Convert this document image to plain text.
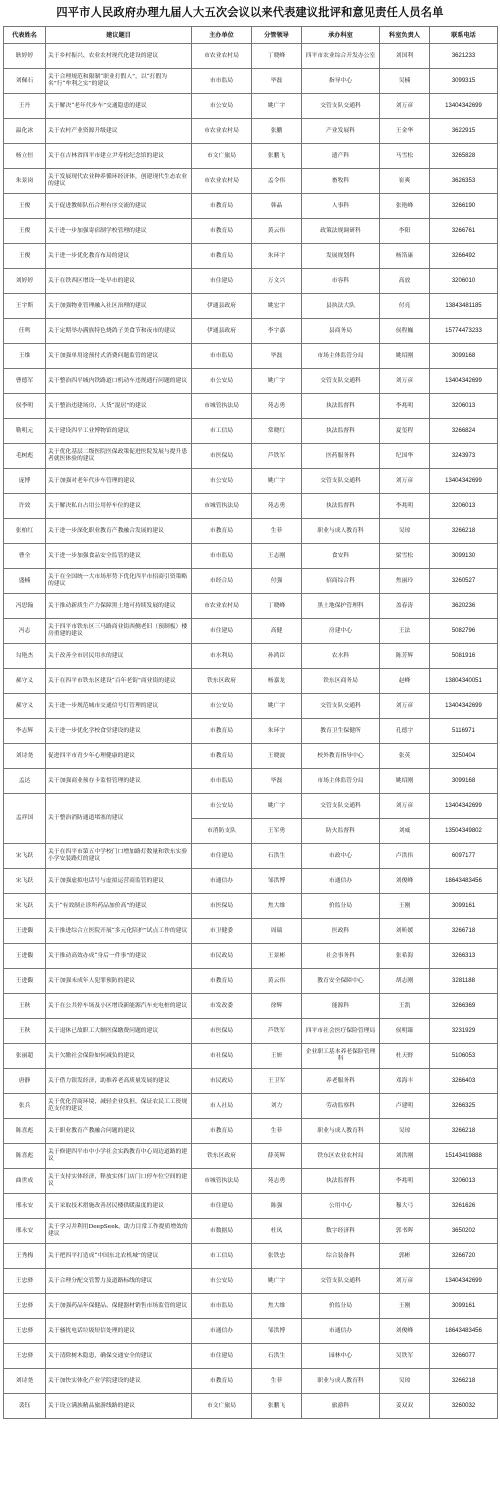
四平市人民政府办理九届人大五次会议以来代表建议批评和意见责任人员名单
代表姓名	建议题目	主办单位	分管领导	承办科室	科室负责人	联系电话
耿婷婷	关于乡村振兴、农业农村现代化建设的建议	市农业农村局	丁晓峰	四平市农业综合开发办公室	刘国利	3621233
刘佩石	关于合理规范和限制“职业打假人”，以“打假为名”行“牟利之实”的建议	市市监局	毕磊	指导中心	吴楠	3099315
王丹	关于解决“老年代步车”交通隐患的建议	市公安局	姚广宇	交管支队交通科	刘万彦	13404342699
温化冰	关于农村产业资源升级建议	市农业农村局	张鹏	产业发展科	王金华	3622915
杨立恒	关于在吉林省四平市建立尹寿松纪念馆的建议	市文广旅局	张鹏飞	遗产科	马雪松	3265828
朱景岗	关于发展现代农业种养循环经济体，创建现代生态农业的建议	市农业农村局	孟令伟	畜牧科	崔爽	3626353
王俊	关于促进教师队伍合理有序交流的建议	市教育局	韩晶	人事科	张艳峰	3266190
王俊	关于进一步加强寄宿制学校管理的建议	市教育局	黄云伟	政策法规调研科	李阳	3266761
王俊	关于进一步优化教育布局的建议	市教育局	朱环宇	发展规划科	杨箔康	3266492
刘婷婷	关于在铁西区增设一处早市的建议	市住建局	万文兴	市容科	高放	3206010
王宇斯	关于加强物业管理融入社区治理的建议	伊通县政府	姚宏宇	县执法大队	付亮	13843481185
任鸣	关于定期举办满族特色烧鸽子美食节和夜市的建议	伊通县政府	李宇嘉	县商务局	侯程巍	15774473233
王维	关于加强单用途预付式消费问题监管的建议	市市监局	毕磊	市场主体监管分局	姚绍刚	3099168
曹德军	关于整治四平城内铁路道口机动车违规通行问题的建议	市公安局	姚广宇	交管支队交通科	刘万彦	13404342699
侯李明	关于整治违建场房、人货“混居”的建议	市城管执法局	苑志勇	执法监督科	李兆明	3206013
勒明元	关于建设四平工业博物馆的建议	市工信局	常晓红	执法监督科	夏玺程	3266824
毛树彪	关于优化基层二级医院医保政策促进医院发展与提升患者就医体验的建议	市医保局	芦铁军	医药服务科	纪国华	3243973
庞博	关于加强对老年代步车管理的建议	市公安局	姚广宇	交管支队交通科	刘万彦	13404342699
许效	关于解决私自占用公用停车位的建议	市城管执法局	苑志勇	执法监督科	李兆明	3206013
张柏红	关于进一步深化职业教育产教融合发展的建议	市教育局	生菲	职业与成人教育科	吴琼	3266218
曹全	关于进一步加强食品安全监管的建议	市市监局	王志刚	食安科	梁雪松	3099130
盛楠	关于在全国统一大市场形势下优化四平市招商引资策略的建议	市经合局	付强	招商综合科	焦丽玲	3260527
冯思翰	关于推动新质生产力保障黑土地可持续发展的建议	市农业农村局	丁晓峰	黑土地保护管理科	盖春涛	3620236
冯志	关于四平市铁东区三马路商业街西侧老旧（预制板）楼房重建的建议	市住建局	高健	房建中心	王法	5082796
勾艳杰	关于改善全市居民用水的建议	市水利局	孙鸿臣	农水科	陈芳辉	5081916
郝守义	关于在四平市铁东区建设“百年老街”商业街的建议	铁东区政府	杨嘉龙	铁东区商务局	赵峰	13804340051
郝守义	关于进一步规范城市交通信号灯管理的建议	市公安局	姚广宇	交管支队交通科	刘万彦	13404342699
李志辉	关于进一步优化学校食堂建设的建议	市教育局	朱环宇	教育卫生保健所	孔德宇	5116971
刘诗尧	促进四平市青少年心理健康的建议	市教育局	王晓波	校外教育指导中心	张英	3250404
孟达	关于加强商业预存卡监督管理的建议	市市监局	毕磊	市场主体监管分局	姚绍刚	3099168
孟祥国	关于整治消防通道堵塞的建议	市公安局	姚广宇	交管支队交通科	刘万彦	13404342699
		市消防支队	王军勇	防火监督科	刘威	13504349802
宋飞跃	关于在四平市第五中学校门口增加路灯数量和铁东实验小学安装路灯的建议	市住建局	石洪生	市政中心	卢洪伟	6097177
宋飞跃	关于加强虚拟电话号与虚拟运营商监管的建议	市通信办	邹洪博	市通信办	刘俊峰	18643483456
宋飞跃	关于“有效制止诊所药品加价高”的建议	市医保局	焦大维	价监分局	王刚	3099161
王进馥	关于推进综合立医院开展“多元化陪护”试点工作的建议	市卫健委	周瑞	医政科	刘昕媛	3266718
王进馥	关于推动高效办成“身后一件事”的建议	市民政局	王景彬	社会事务科	张希海	3266313
王进馥	关于加强未成年人犯罪预防的建议	市教育局	黄云伟	教育安全保障中心	胡志刚	3281188
王秋	关于在公共停车场及小区增设新能源汽车充电桩的建议	市发改委	徐辉	能源科	王凯	3266369
王秋	关于退休已故职工大额医保缴费问题的建议	市医保局	芦铁军	四平市社会医疗保险管理局	侯明臻	3231929
张丽超	关于欠缴社会保险如何减负的建议	市社保局	王妍	企业职工基本养老保险管理科	杜天野	5106053
唐静	关于借力银发经济，助推养老高质量发展的建议	市民政局	王卫军	养老服务科	邓海丰	3266403
张兵	关于优化营商环境，减轻企业负担，保证农民工工资规范支付的建议	市人社局	刘力	劳动监察科	卢建明	3266325
陈喜彪	关于职业教育产教融合问题的建议	市教育局	生菲	职业与成人教育科	吴琼	3266218
陈喜彪	关于修建四平市中小学社会实践教育中心周边道路的建议	铁东区政府	薛英辉	铁东区农业农村局	刘洪刚	15143419888
曲世成	关于支持实体经济，释放实体门店门口停车位空间的建议	市城管执法局	苑志勇	执法监督科	李兆明	3206013
邢永安	关于采取技术措施改善居民楼供暖温度的建议	市住建局	陈强	公用中心	穆大弓	3261626
邢永安	关于学习并利用DeepSeek，助力目常工作提质增效的建议	市数据局	杜凤	数字经济科	郭书晖	3650202
王秀梅	关于把四平打造成“中国东北农机城”的建议	市工信局	张铁忠	综合装备科	郭彬	3266720
王忠驿	关于合理分配交管警力及道路标线的建议	市公安局	姚广宇	交管支队交通科	刘万彦	13404342699
王忠驿	关于加强药品年保健品、保健器材销售市场监管的建议	市市监局	焦大维	价监分局	王刚	3099161
王忠驿	关于骚扰电话垃圾短信处理的建议	市通信办	邹洪博	市通信办	刘俊峰	18643483456
王忠驿	关于清除树木隐患，确保交通安全的建议	市住建局	石洪生	园林中心	吴铁军	3266077
刘诗尧	关于加快实体化产业学院建设的建议	市教育局	生菲	职业与成人教育科	吴琼	3266218
裴钰	关于设立满族精品旅游线路的建议	市文广旅局	张鹏飞	旅游科	姜双双	3260032
